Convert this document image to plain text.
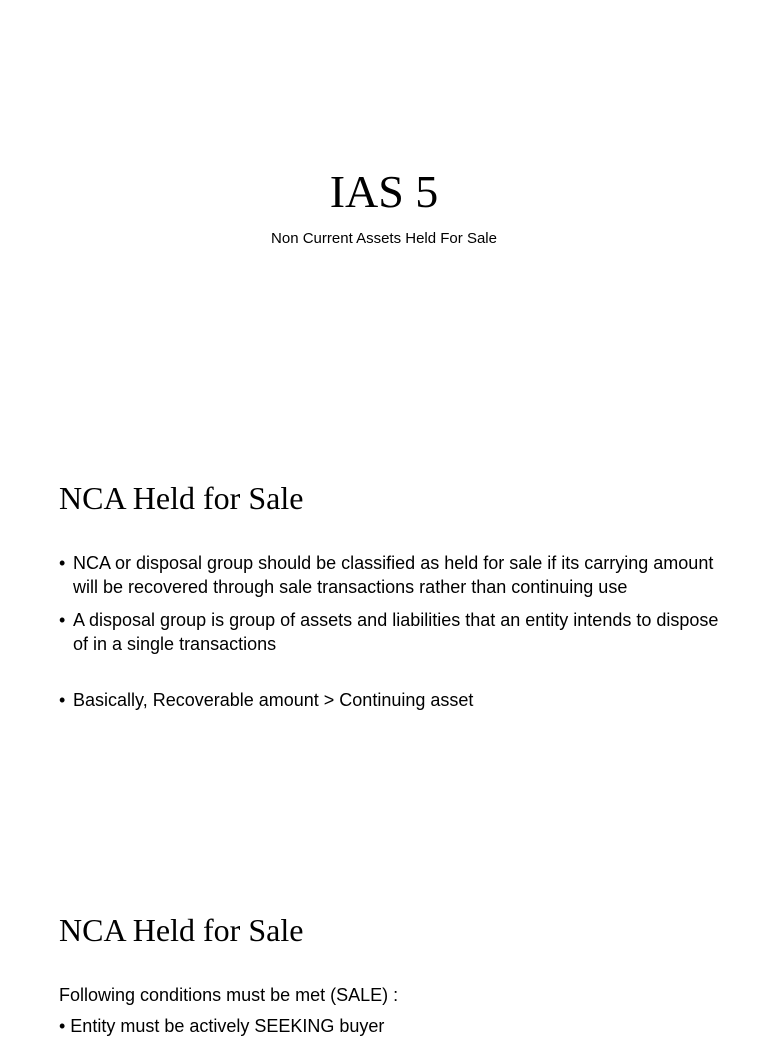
IAS 5

Non Current Assets Held For Sale

NCA Held for Sale
• NCA or disposal group should be classified as held for sale if its carrying amount will be recovered through sale transactions rather than continuing use
• A disposal group is group of assets and liabilities that an entity intends to dispose of in a single transactions
• Basically, Recoverable amount > Continuing asset
NCA Held for Sale

Following conditions must be met (SALE) :

• Entity must be actively SEEKING buyer
